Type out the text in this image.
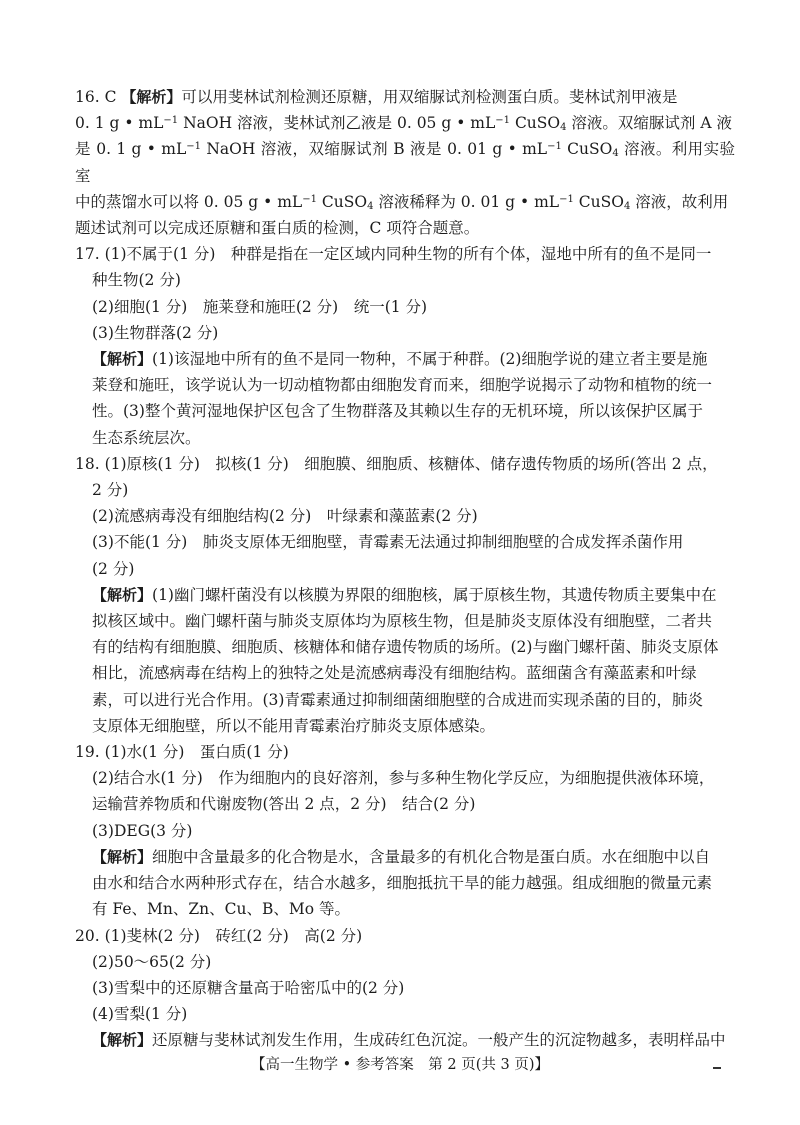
16. C 【解析】可以用斐林试剂检测还原糖，用双缩脲试剂检测蛋白质。斐林试剂甲液是

0. 1 g • $mL^{-1}$ NaOH 溶液，斐林试剂乙液是 0. 05 g • $mL^{-1}$ CuSO$_4$ 溶液。双缩脲试剂 A 液

是 0. 1 g • $mL^{-1}$ NaOH 溶液，双缩脲试剂 B 液是 0. 01 g • $mL^{-1}$ CuSO$_4$ 溶液。利用实验室

中的蒸馏水可以将 0. 05 g • $mL^{-1}$ CuSO$_4$ 溶液稀释为 0. 01 g • $mL^{-1}$ CuSO$_4$ 溶液，故利用

题述试剂可以完成还原糖和蛋白质的检测，C 项符合题意。

17. (1)不属于(1 分)　种群是指在一定区域内同种生物的所有个体，湿地中所有的鱼不是同一

种生物(2 分)

(2)细胞(1 分)　施莱登和施旺(2 分)　统一(1 分)

(3)生物群落(2 分)

【解析】(1)该湿地中所有的鱼不是同一物种，不属于种群。(2)细胞学说的建立者主要是施

莱登和施旺，该学说认为一切动植物都由细胞发育而来，细胞学说揭示了动物和植物的统一

性。(3)整个黄河湿地保护区包含了生物群落及其赖以生存的无机环境，所以该保护区属于

生态系统层次。

18. (1)原核(1 分)　拟核(1 分)　细胞膜、细胞质、核糖体、储存遗传物质的场所(答出 2 点，

2 分)

(2)流感病毒没有细胞结构(2 分)　叶绿素和藻蓝素(2 分)

(3)不能(1 分)　肺炎支原体无细胞壁，青霉素无法通过抑制细胞壁的合成发挥杀菌作用

(2 分)

【解析】(1)幽门螺杆菌没有以核膜为界限的细胞核，属于原核生物，其遗传物质主要集中在

拟核区域中。幽门螺杆菌与肺炎支原体均为原核生物，但是肺炎支原体没有细胞壁，二者共

有的结构有细胞膜、细胞质、核糖体和储存遗传物质的场所。(2)与幽门螺杆菌、肺炎支原体

相比，流感病毒在结构上的独特之处是流感病毒没有细胞结构。蓝细菌含有藻蓝素和叶绿

素，可以进行光合作用。(3)青霉素通过抑制细菌细胞壁的合成进而实现杀菌的目的，肺炎

支原体无细胞壁，所以不能用青霉素治疗肺炎支原体感染。

19. (1)水(1 分)　蛋白质(1 分)

(2)结合水(1 分)　作为细胞内的良好溶剂，参与多种生物化学反应，为细胞提供液体环境，

运输营养物质和代谢废物(答出 2 点，2 分)　结合(2 分)

(3)DEG(3 分)

【解析】细胞中含量最多的化合物是水，含量最多的有机化合物是蛋白质。水在细胞中以自

由水和结合水两种形式存在，结合水越多，细胞抵抗干旱的能力越强。组成细胞的微量元素

有 Fe、Mn、Zn、Cu、B、Mo 等。

20. (1)斐林(2 分)　砖红(2 分)　高(2 分)

(2)50～65(2 分)

(3)雪梨中的还原糖含量高于哈密瓜中的(2 分)

(4)雪梨(1 分)

【解析】还原糖与斐林试剂发生作用，生成砖红色沉淀。一般产生的沉淀物越多，表明样品中

【高一生物学 • 参考答案　第 2 页(共 3 页)】
